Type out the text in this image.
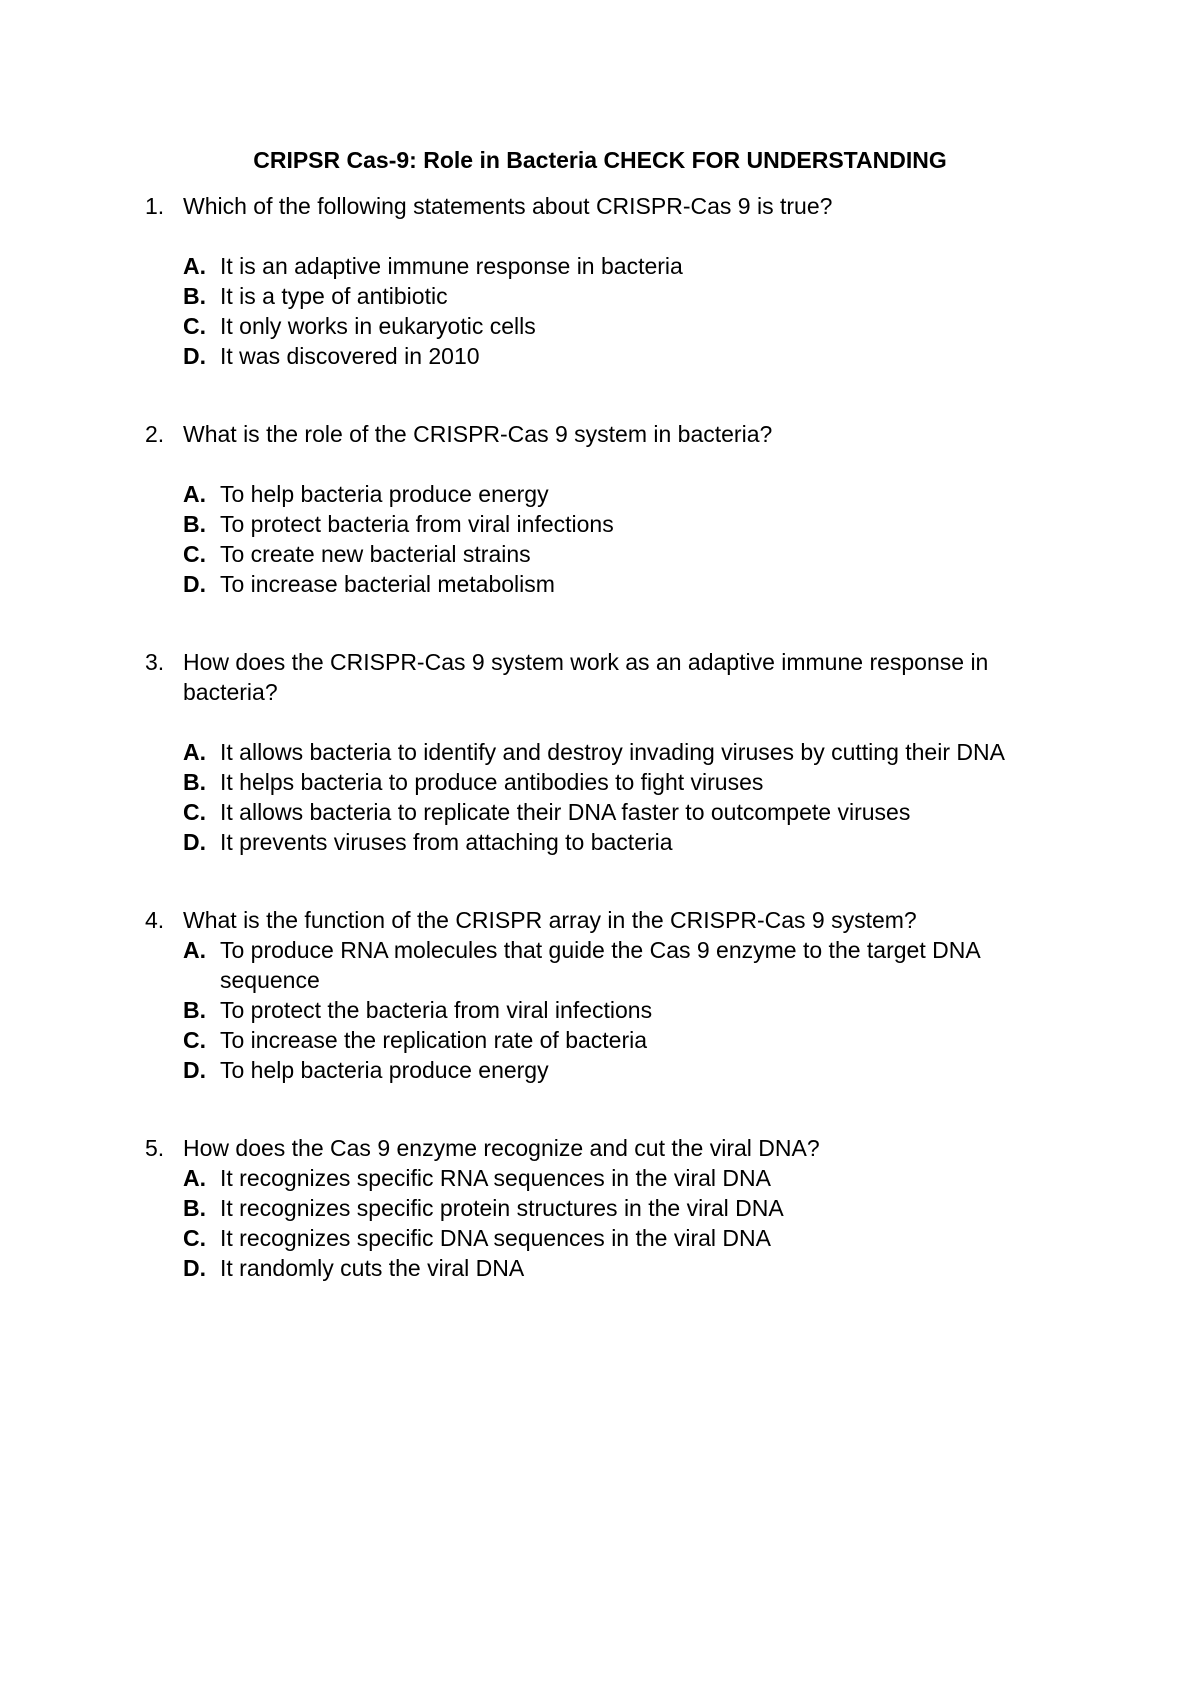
CRIPSR Cas-9: Role in Bacteria CHECK FOR UNDERSTANDING
1. Which of the following statements about CRISPR-Cas 9 is true?
A. It is an adaptive immune response in bacteria
B. It is a type of antibiotic
C. It only works in eukaryotic cells
D. It was discovered in 2010
2. What is the role of the CRISPR-Cas 9 system in bacteria?
A. To help bacteria produce energy
B. To protect bacteria from viral infections
C. To create new bacterial strains
D. To increase bacterial metabolism
3. How does the CRISPR-Cas 9 system work as an adaptive immune response in bacteria?
A. It allows bacteria to identify and destroy invading viruses by cutting their DNA
B. It helps bacteria to produce antibodies to fight viruses
C. It allows bacteria to replicate their DNA faster to outcompete viruses
D. It prevents viruses from attaching to bacteria
4. What is the function of the CRISPR array in the CRISPR-Cas 9 system?
A. To produce RNA molecules that guide the Cas 9 enzyme to the target DNA sequence
B. To protect the bacteria from viral infections
C. To increase the replication rate of bacteria
D. To help bacteria produce energy
5. How does the Cas 9 enzyme recognize and cut the viral DNA?
A. It recognizes specific RNA sequences in the viral DNA
B. It recognizes specific protein structures in the viral DNA
C. It recognizes specific DNA sequences in the viral DNA
D. It randomly cuts the viral DNA
